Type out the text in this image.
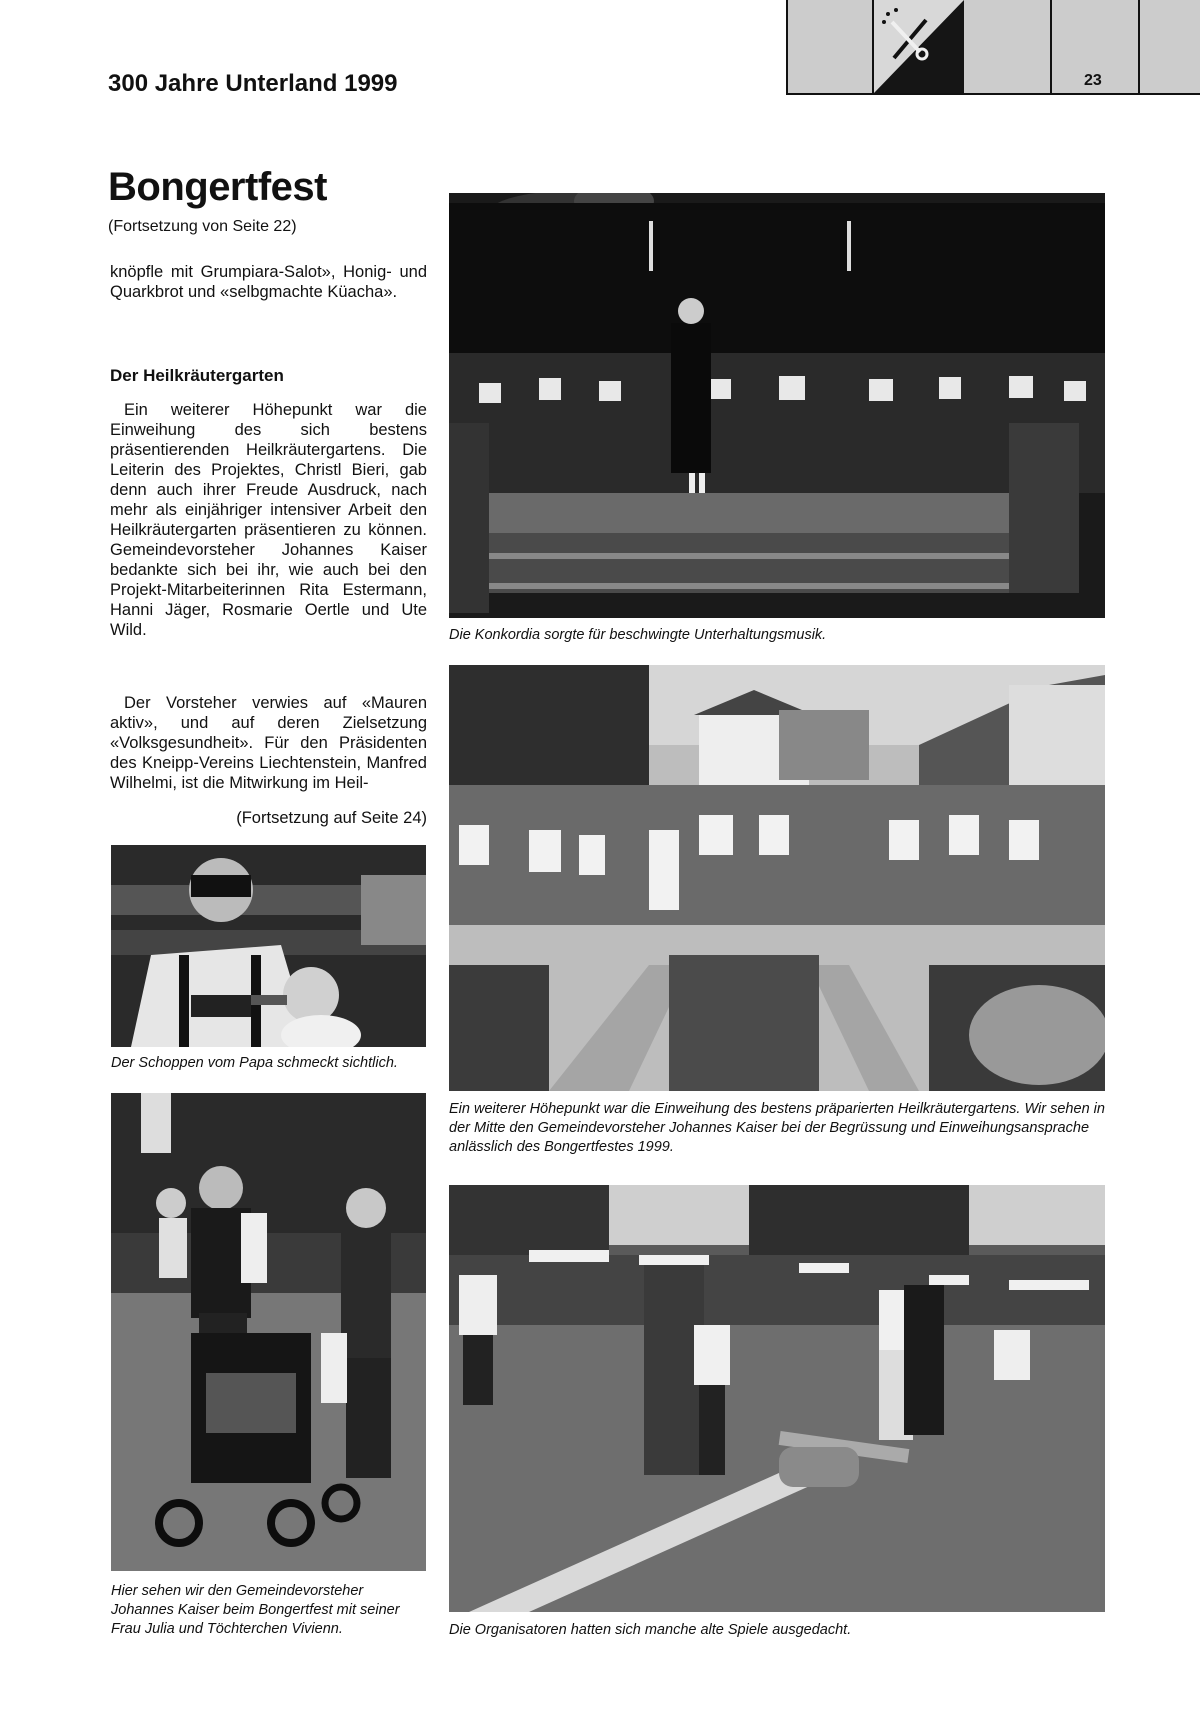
300 Jahre Unterland 1999	23
Bongertfest
(Fortsetzung von Seite 22)
knöpfle mit Grumpiara-Salot», Honig- und Quarkbrot und «selbgmachte Küacha».
Der Heilkräutergarten
Ein weiterer Höhepunkt war die Einweihung des sich bestens präsentierenden Heilkräutergartens. Die Leiterin des Projektes, Christl Bieri, gab denn auch ihrer Freude Ausdruck, nach mehr als einjähriger intensiver Arbeit den Heilkräutergarten präsentieren zu können. Gemeindevorsteher Johannes Kaiser bedankte sich bei ihr, wie auch bei den Projekt-Mitarbeiterinnen Rita Estermann, Hanni Jäger, Rosmarie Oertle und Ute Wild.
Der Vorsteher verwies auf «Mauren aktiv», und auf deren Zielsetzung «Volksgesundheit». Für den Präsidenten des Kneipp-Vereins Liechtenstein, Manfred Wilhelmi, ist die Mitwirkung im Heil-
(Fortsetzung auf Seite 24)
Die Konkordia sorgte für beschwingte Unterhaltungsmusik.
Ein weiterer Höhepunkt war die Einweihung des bestens präparierten Heilkräutergartens. Wir sehen in der Mitte den Gemeindevorsteher Johannes Kaiser bei der Begrüssung und Einweihungsansprache anlässlich des Bongertfestes 1999.
Der Schoppen vom Papa schmeckt sichtlich.
Hier sehen wir den Gemeindevorsteher Johannes Kaiser beim Bongertfest mit seiner Frau Julia und Töchterchen Vivienn.	Die Organisatoren hatten sich manche alte Spiele ausgedacht.
